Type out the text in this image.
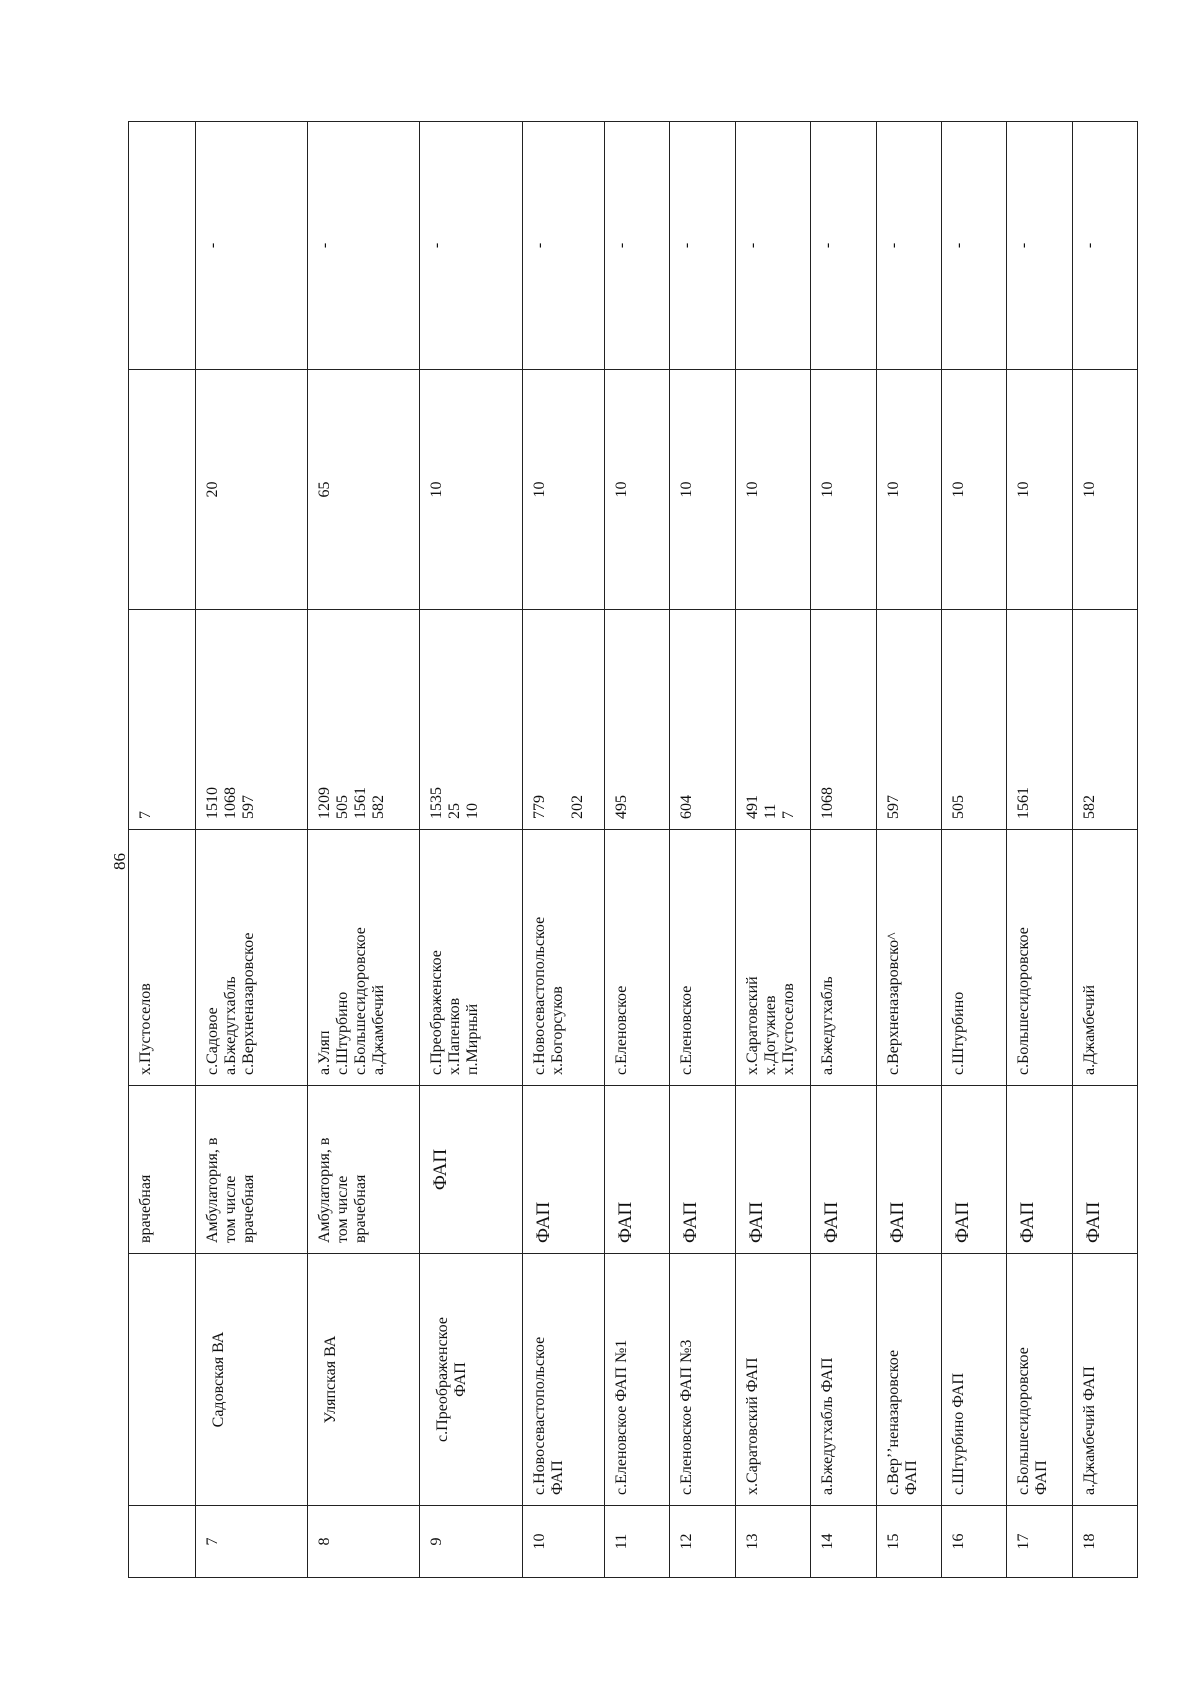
86
		врачебная	х.Пустоселов	7		
7	Садовская ВА	Амбулатория, в том числе врачебная	с.Садовое а.Бжедугхабль с.Верхненазаровское	1510 1068 597	20	-
8	Уляпская ВА	Амбулатория, в том числе врачебная	а.Уляп с.Штурбино с.Большесидоровское а.Джамбечий	1209 505 1561 582	65	-
9	с.Преображенское ФАП	ФАП	с.Преображенское х.Папенков п.Мирный	1535 25 10	10	-
10	с.Новосевастопольское ФАП	ФАП	с.Новосевастопольское х.Богорсуков	779 202	10	-
11	с.Еленовское ФАП №1	ФАП	с.Еленовское	495	10	-
12	с.Еленовское ФАП №3	ФАП	с.Еленовское	604	10	-
13	х.Саратовский ФАП	ФАП	х.Саратовский х.Догужиев х.Пустоселов	491 11 7	10	-
14	а.Бжедугхабль ФАП	ФАП	а.Бжедугхабль	1068	10	-
15	с.Верʼʼненазаровское ФАП	ФАП	с.Верхненазаровско^	597	10	-
16	с.Штурбино ФАП	ФАП	с.Штурбино	505	10	-
17	с.Большесидоровское ФАП	ФАП	с.Большесидоровское	1561	10	-
18	а.Джамбечий ФАП	ФАП	а.Джамбечий	582	10	-
